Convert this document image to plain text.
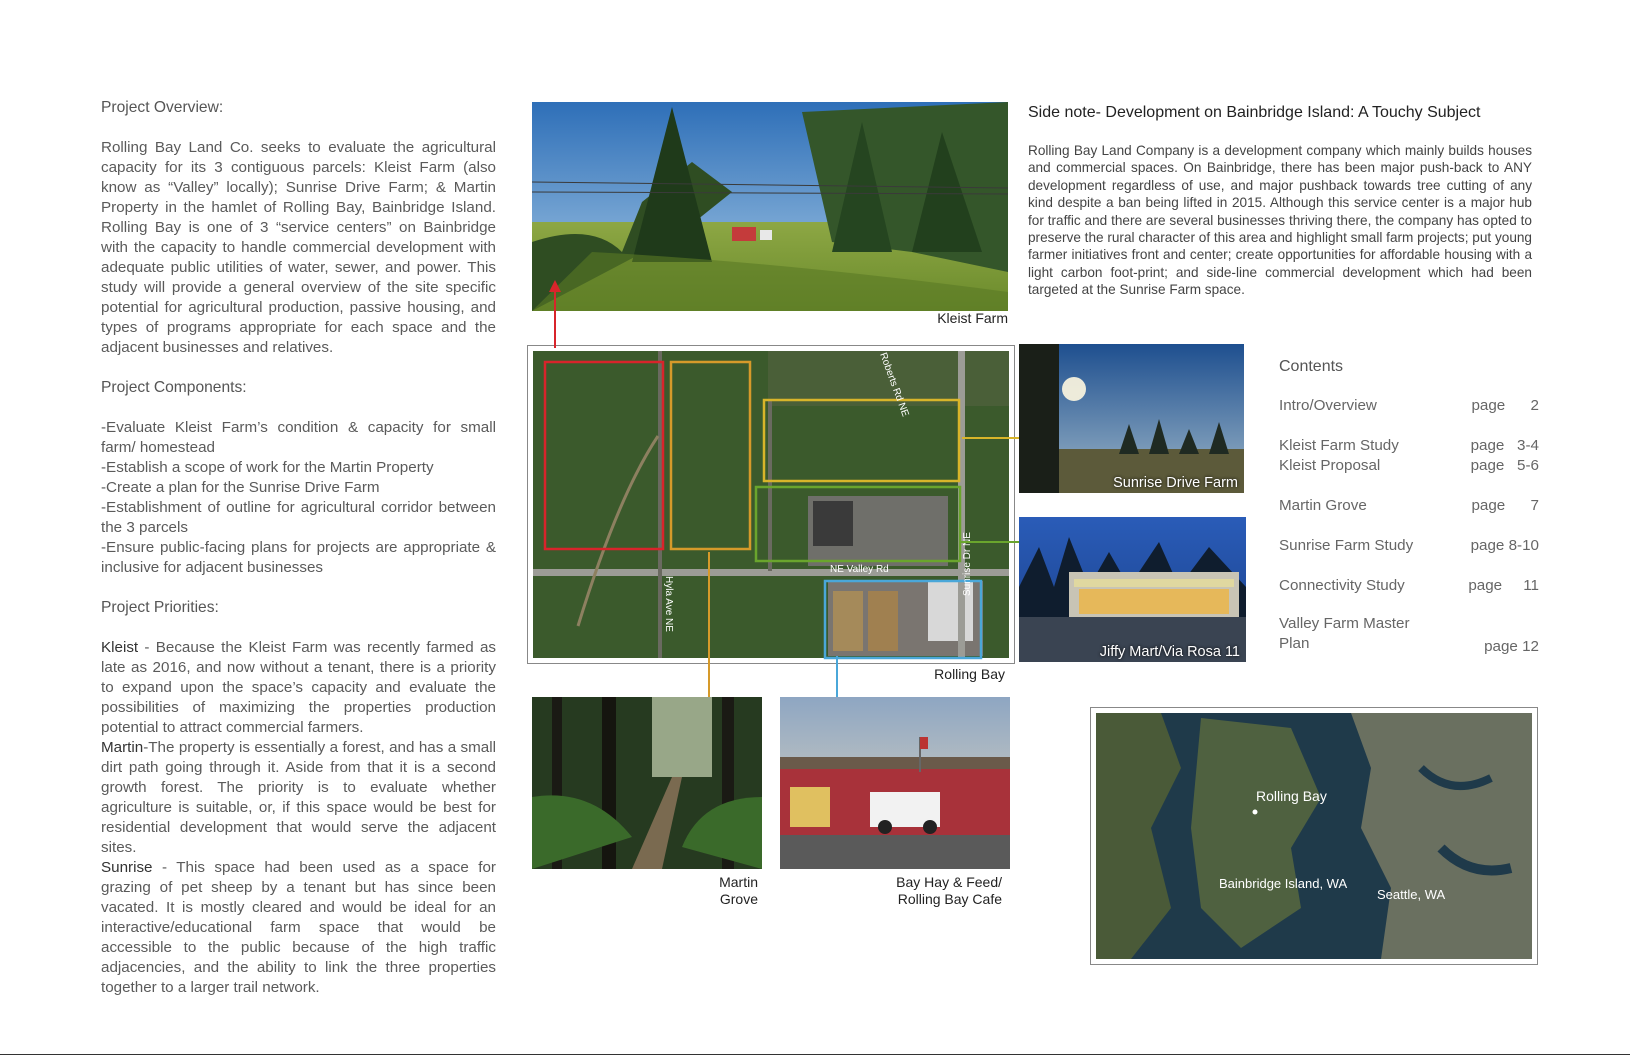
Project Overview:

Rolling Bay Land Co. seeks to evaluate the agricultural capacity for its 3 contiguous parcels: Kleist Farm (also know as “Valley” locally); Sunrise Drive Farm; & Martin Property in the hamlet of Rolling Bay, Bainbridge Island. Rolling Bay is one of 3 “service centers” on Bainbridge with the capacity to handle commercial development with adequate public utilities of water, sewer, and power. This study will provide a general overview of the site specific potential for agricultural production, passive housing, and types of programs appropriate for each space and the adjacent businesses and relatives.

Project Components:

-Evaluate Kleist Farm’s condition & capacity for small farm/ homestead
-Establish a scope of work for the Martin Property
-Create a plan for the Sunrise Drive Farm
-Establishment of outline for agricultural corridor between the 3 parcels
-Ensure public-facing plans for projects are appropriate & inclusive for adjacent businesses

Project Priorities:

Kleist - Because the Kleist Farm was recently farmed as late as 2016, and now without a tenant, there is a priority to expand upon the space’s capacity and evaluate the possibilities of maximizing the properties production potential to attract commercial farmers.

Martin-The property is essentially a forest, and has a small dirt path going through it. Aside from that it is a second growth forest. The priority is to evaluate whether agriculture is suitable, or, if this space would be best for residential development that would serve the adjacent sites.

Sunrise - This space had been used as a space for grazing of pet sheep by a tenant but has since been vacated. It is mostly cleared and would be ideal for an interactive/educational farm space that would be accessible to the public because of the high traffic adjacencies, and the ability to link the three properties together to a larger trail network.

Kleist Farm
Side note- Development on Bainbridge Island: A Touchy Subject
Rolling Bay Land Company is a development company which mainly builds houses and commercial spaces. On Bainbridge, there has been major push-back to ANY development regardless of use, and major pushback towards tree cutting of any kind despite a ban being lifted in 2015. Although this service center is a major hub for traffic and there are several businesses thriving there, the company has opted to preserve the rural character of this area and highlight small farm projects; put young farmer initiatives front and center; create opportunities for affordable housing with a light carbon foot-print; and side-line commercial development which had been targeted at the Sunrise Farm space.
NE Valley Rd	Sunrise Dr NE
Hyla Ave NE
Roberts Rd NE
Rolling Bay
Sunrise Drive Farm
Jiffy Mart/Via Rosa 11
Contents
Intro/Overview	page      2
Kleist Farm Study	page   3-4
Kleist Proposal	page   5-6
Martin Grove	page      7
Sunrise Farm Study	page 8-10
Connectivity Study	page     11
Valley Farm Master
Plan	page 12
Martin
Grove
Bay Hay & Feed/
Rolling Bay Cafe
Rolling Bay
Bainbridge Island, WA
Seattle, WA
